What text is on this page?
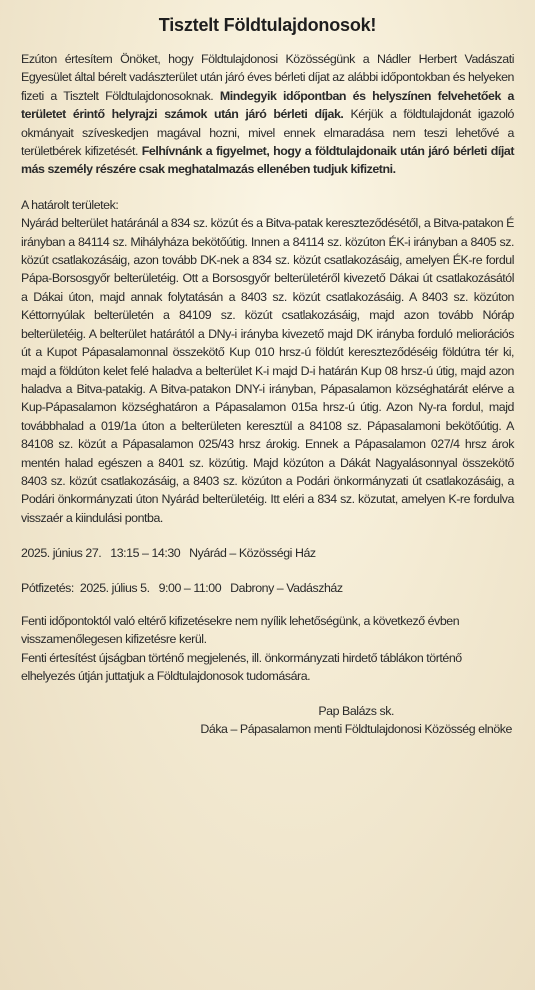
Tisztelt Földtulajdonosok!

Ezúton értesítem Önöket, hogy Földtulajdonosi Közösségünk a Nádler Herbert Vadászati Egyesület által bérelt vadászterület után járó éves bérleti díjat az alábbi időpontokban és helyeken fizeti a Tisztelt Földtulajdonosoknak. Mindegyik időpontban és helyszínen felvehetőek a területet érintő helyrajzi számok után járó bérleti díjak. Kérjük a földtulajdonát igazoló okmányait szíveskedjen magával hozni, mivel ennek elmaradása nem teszi lehetővé a területbérek kifizetését. Felhívnánk a figyelmet, hogy a földtulajdonaik után járó bérleti díjat más személy részére csak meghatalmazás ellenében tudjuk kifizetni.

A határolt területek:

Nyárád belterület határánál a 834 sz. közút és a Bitva-patak kereszteződésétől, a Bitva-patakon É irányban a 84114 sz. Mihályháza bekötőútig. Innen a 84114 sz. közúton ÉK-i irányban a 8405 sz. közút csatlakozásáig, azon tovább DK-nek a 834 sz. közút csatlakozásáig, amelyen ÉK-re fordul Pápa-Borsosgyőr belterületéig. Ott a Borsosgyőr belterületéről kivezető Dákai út csatlakozásától a Dákai úton, majd annak folytatásán a 8403 sz. közút csatlakozásáig. A 8403 sz. közúton Kéttornyúlak belterületén a 84109 sz. közút csatlakozásáig, majd azon tovább Nóráp belterületéig. A belterület határától a DNy-i irányba kivezető majd DK irányba forduló meliorációs út a Kupot Pápasalamonnal összekötő Kup 010 hrsz-ú földút kereszteződéséig földútra tér ki, majd a földúton kelet felé haladva a belterület K-i majd D-i határán Kup 08 hrsz-ú útig, majd azon haladva a Bitva-patakig. A Bitva-patakon DNY-i irányban, Pápasalamon községhatárát elérve a Kup-Pápasalamon községhatáron a Pápasalamon 015a hrsz-ú útig. Azon Ny-ra fordul, majd továbbhalad a 019/1a úton a belterületen keresztül a 84108 sz. Pápasalamoni bekötőútig. A 84108 sz. közút a Pápasalamon 025/43 hrsz árokig. Ennek a Pápasalamon 027/4 hrsz árok mentén halad egészen a 8401 sz. közútig. Majd közúton a Dákát Nagyalásonnyal összekötő 8403 sz. közút csatlakozásáig, a 8403 sz. közúton a Podári önkormányzati út csatlakozásáig, a Podári önkormányzati úton Nyárád belterületéig. Itt eléri a 834 sz. közutat, amelyen K-re fordulva visszaér a kiindulási pontba.

2025. június 27.   13:15 – 14:30   Nyárád – Közösségi Ház

Pótfizetés:  2025. július 5.   9:00 – 11:00   Dabrony – Vadászház

Fenti időpontoktól való eltérő kifizetésekre nem nyílik lehetőségünk, a következő évben visszamenőlegesen kifizetésre kerül.

Fenti értesítést újságban történő megjelenés, ill. önkormányzati hirdető táblákon történő elhelyezés útján juttatjuk a Földtulajdonosok tudomására.

Pap Balázs sk.

Dáka – Pápasalamon menti Földtulajdonosi Közösség elnöke
